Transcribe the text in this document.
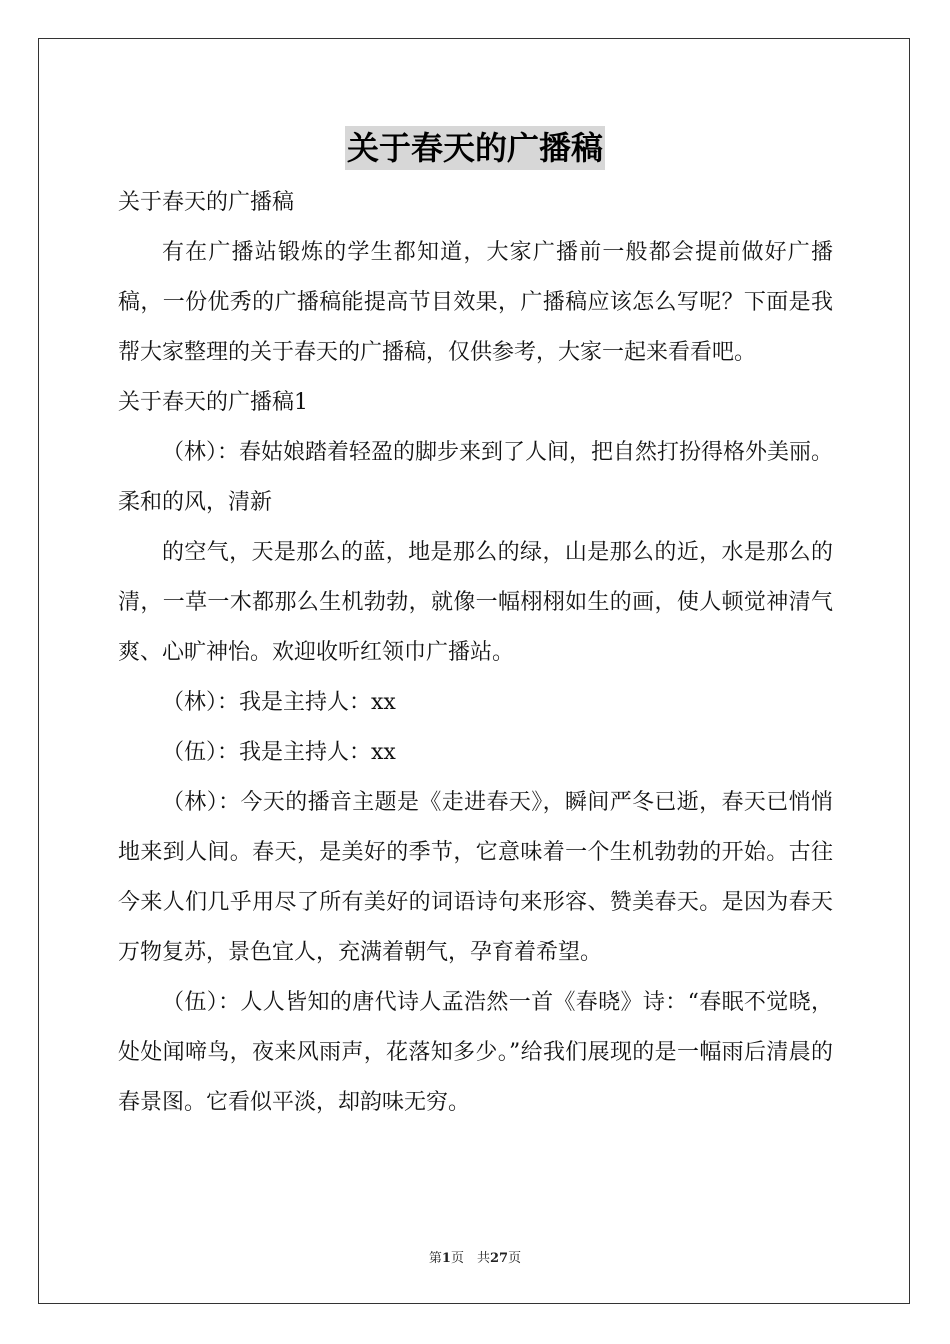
关于春天的广播稿

关于春天的广播稿

有在广播站锻炼的学生都知道，大家广播前一般都会提前做好广播稿，一份优秀的广播稿能提高节目效果，广播稿应该怎么写呢？下面是我帮大家整理的关于春天的广播稿，仅供参考，大家一起来看看吧。

关于春天的广播稿1

（林）：春姑娘踏着轻盈的脚步来到了人间，把自然打扮得格外美丽。柔和的风，清新

的空气，天是那么的蓝，地是那么的绿，山是那么的近，水是那么的清，一草一木都那么生机勃勃，就像一幅栩栩如生的画，使人顿觉神清气爽、心旷神怡。欢迎收听红领巾广播站。

（林）：我是主持人：xx

（伍）：我是主持人：xx

（林）：今天的播音主题是《走进春天》，瞬间严冬已逝，春天已悄悄地来到人间。春天，是美好的季节，它意味着一个生机勃勃的开始。古往今来人们几乎用尽了所有美好的词语诗句来形容、赞美春天。是因为春天万物复苏，景色宜人，充满着朝气，孕育着希望。

（伍）：人人皆知的唐代诗人孟浩然一首《春晓》诗：“春眠不觉晓，处处闻啼鸟，夜来风雨声，花落知多少。”给我们展现的是一幅雨后清晨的春景图。它看似平淡，却韵味无穷。

第1页　共27页
